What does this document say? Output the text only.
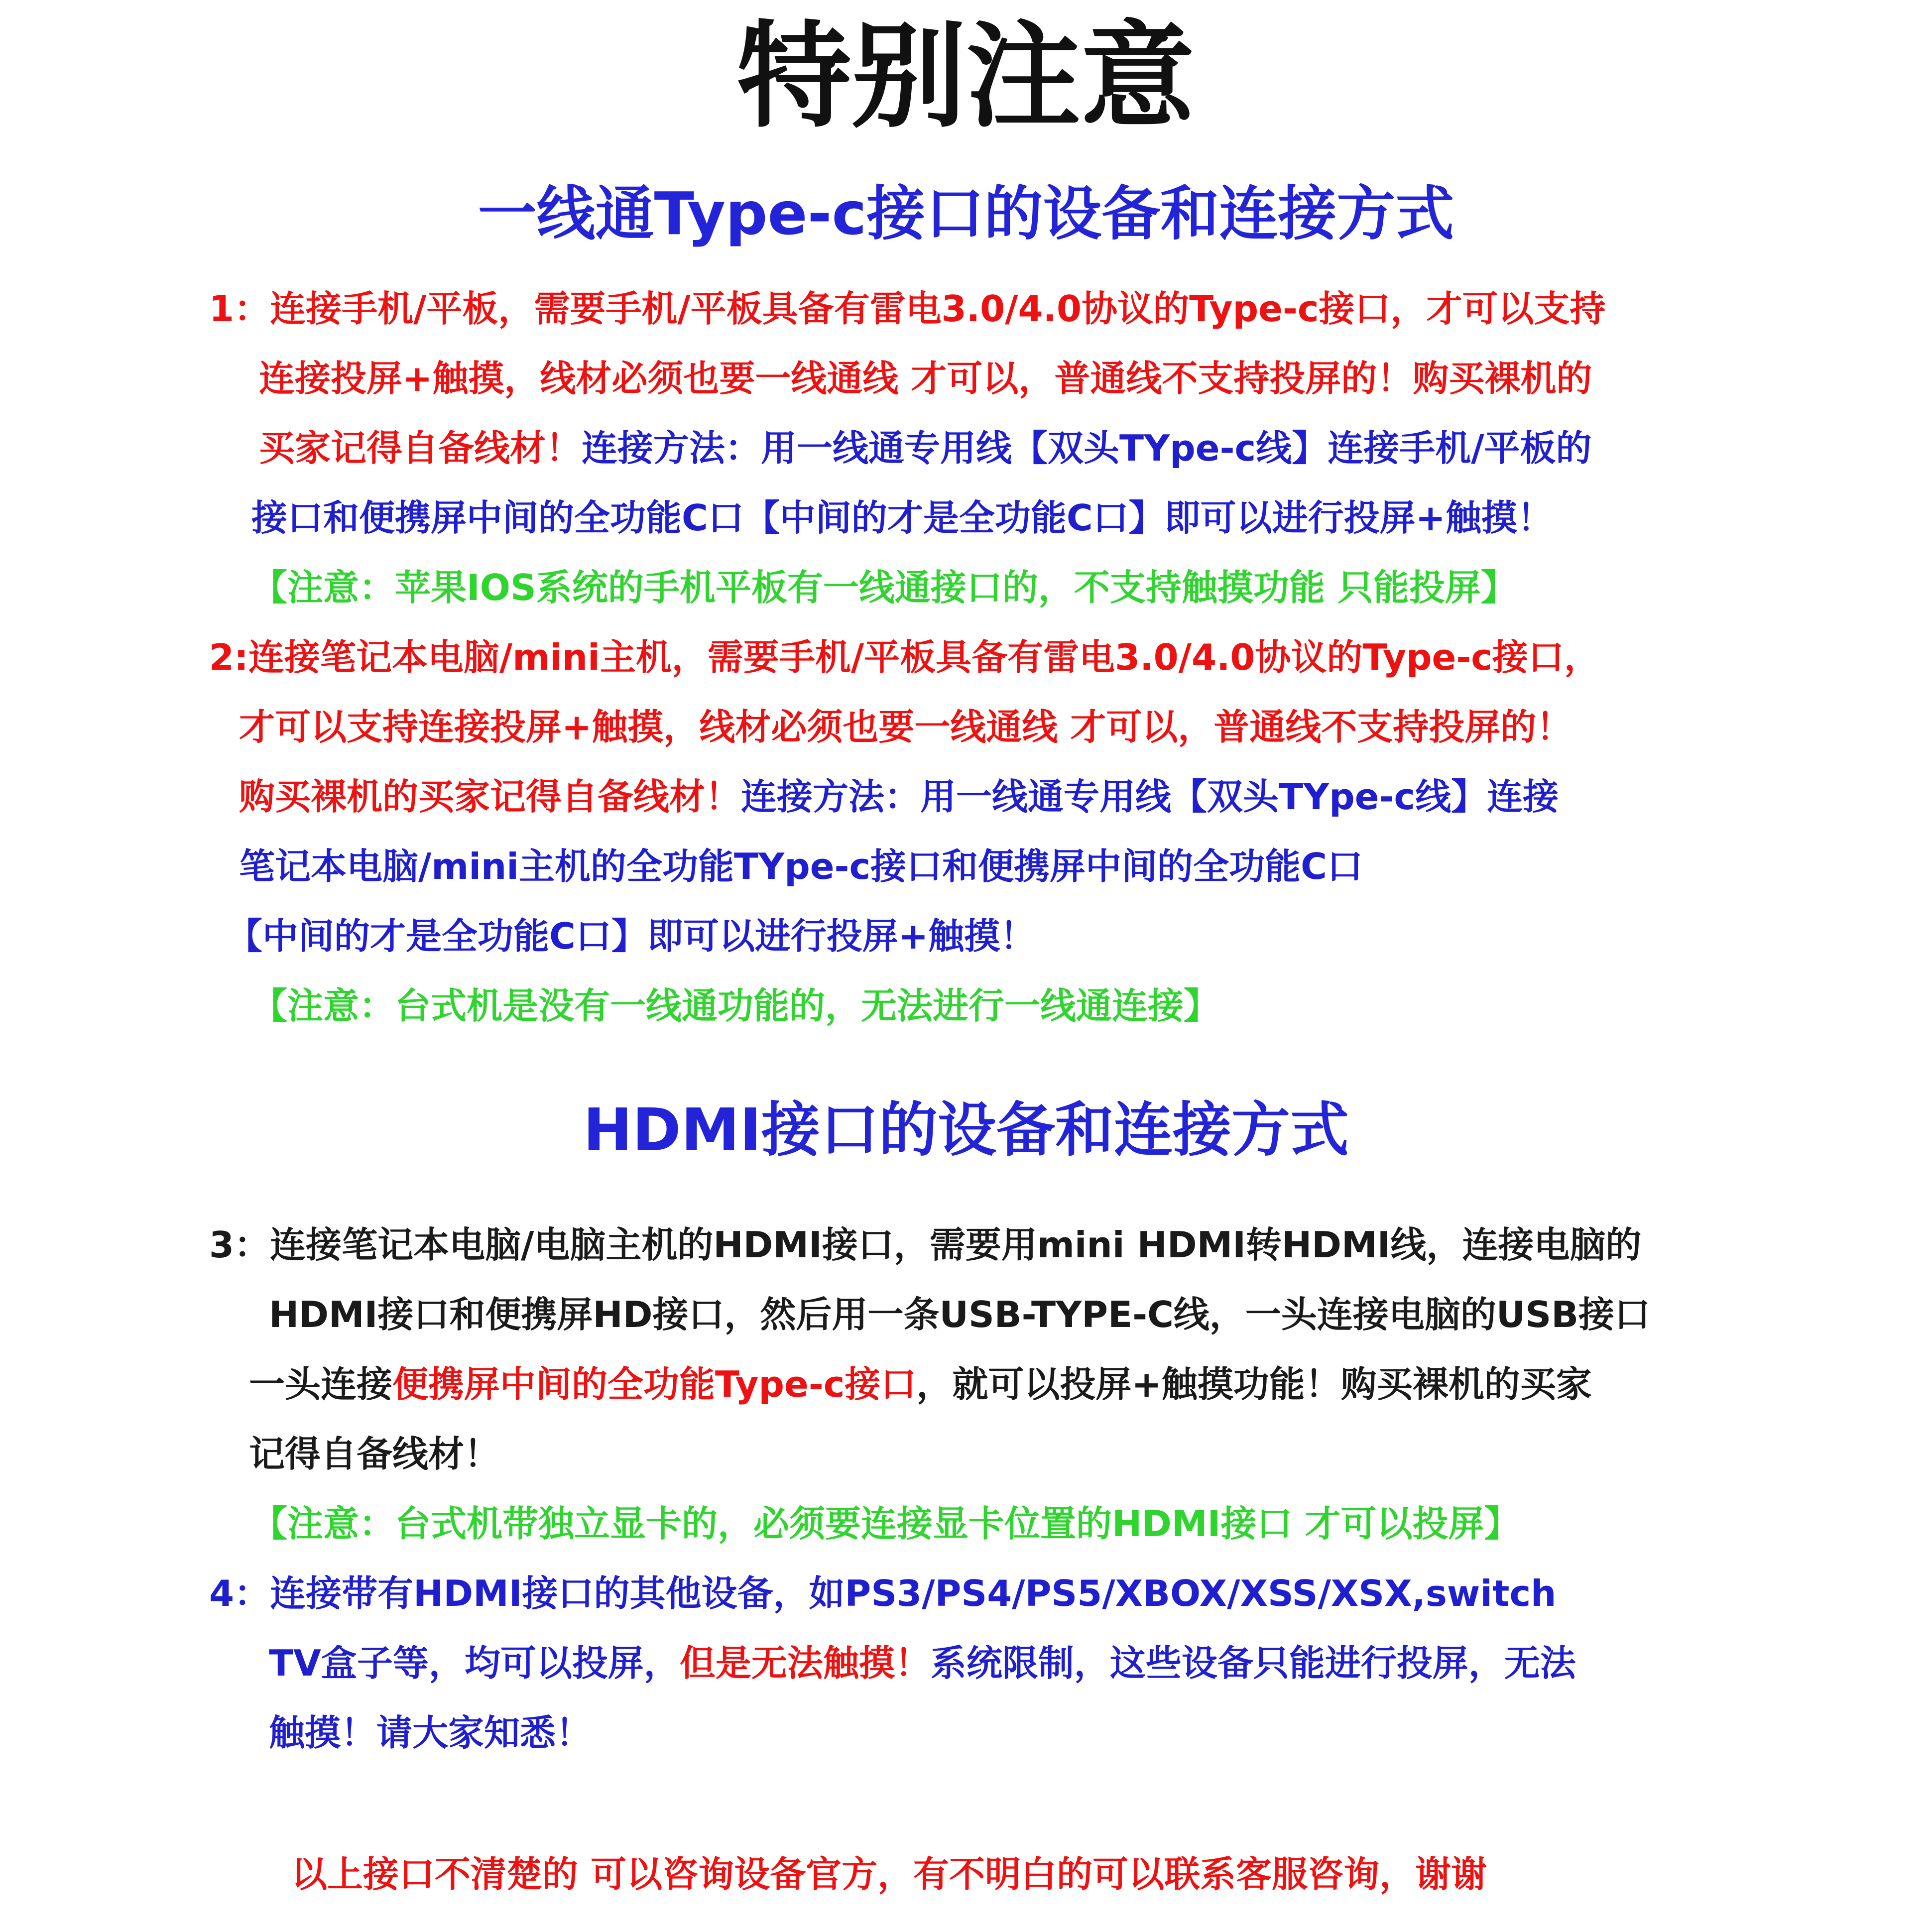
特别注意
一线通Type-c接口的设备和连接方式
1：连接手机/平板，需要手机/平板具备有雷电3.0/4.0协议的Type-c接口，才可以支持
连接投屏+触摸，线材必须也要一线通线 才可以，普通线不支持投屏的！购买裸机的
买家记得自备线材！连接方法：用一线通专用线【双头TYpe-c线】连接手机/平板的
接口和便携屏中间的全功能C口【中间的才是全功能C口】即可以进行投屏+触摸！
【注意：苹果IOS系统的手机平板有一线通接口的，不支持触摸功能 只能投屏】
2:连接笔记本电脑/mini主机，需要手机/平板具备有雷电3.0/4.0协议的Type-c接口，
才可以支持连接投屏+触摸，线材必须也要一线通线 才可以，普通线不支持投屏的！
购买裸机的买家记得自备线材！连接方法：用一线通专用线【双头TYpe-c线】连接
笔记本电脑/mini主机的全功能TYpe-c接口和便携屏中间的全功能C口
【中间的才是全功能C口】即可以进行投屏+触摸！
【注意：台式机是没有一线通功能的，无法进行一线通连接】
HDMI接口的设备和连接方式
3：连接笔记本电脑/电脑主机的HDMI接口，需要用mini HDMI转HDMI线，连接电脑的
HDMI接口和便携屏HD接口，然后用一条USB-TYPE-C线，一头连接电脑的USB接口
一头连接便携屏中间的全功能Type-c接口，就可以投屏+触摸功能！购买裸机的买家
记得自备线材！
【注意：台式机带独立显卡的，必须要连接显卡位置的HDMI接口 才可以投屏】
4：连接带有HDMI接口的其他设备，如PS3/PS4/PS5/XBOX/XSS/XSX,switch
TV盒子等，均可以投屏，但是无法触摸！系统限制，这些设备只能进行投屏，无法
触摸！请大家知悉！
以上接口不清楚的 可以咨询设备官方，有不明白的可以联系客服咨询，谢谢
